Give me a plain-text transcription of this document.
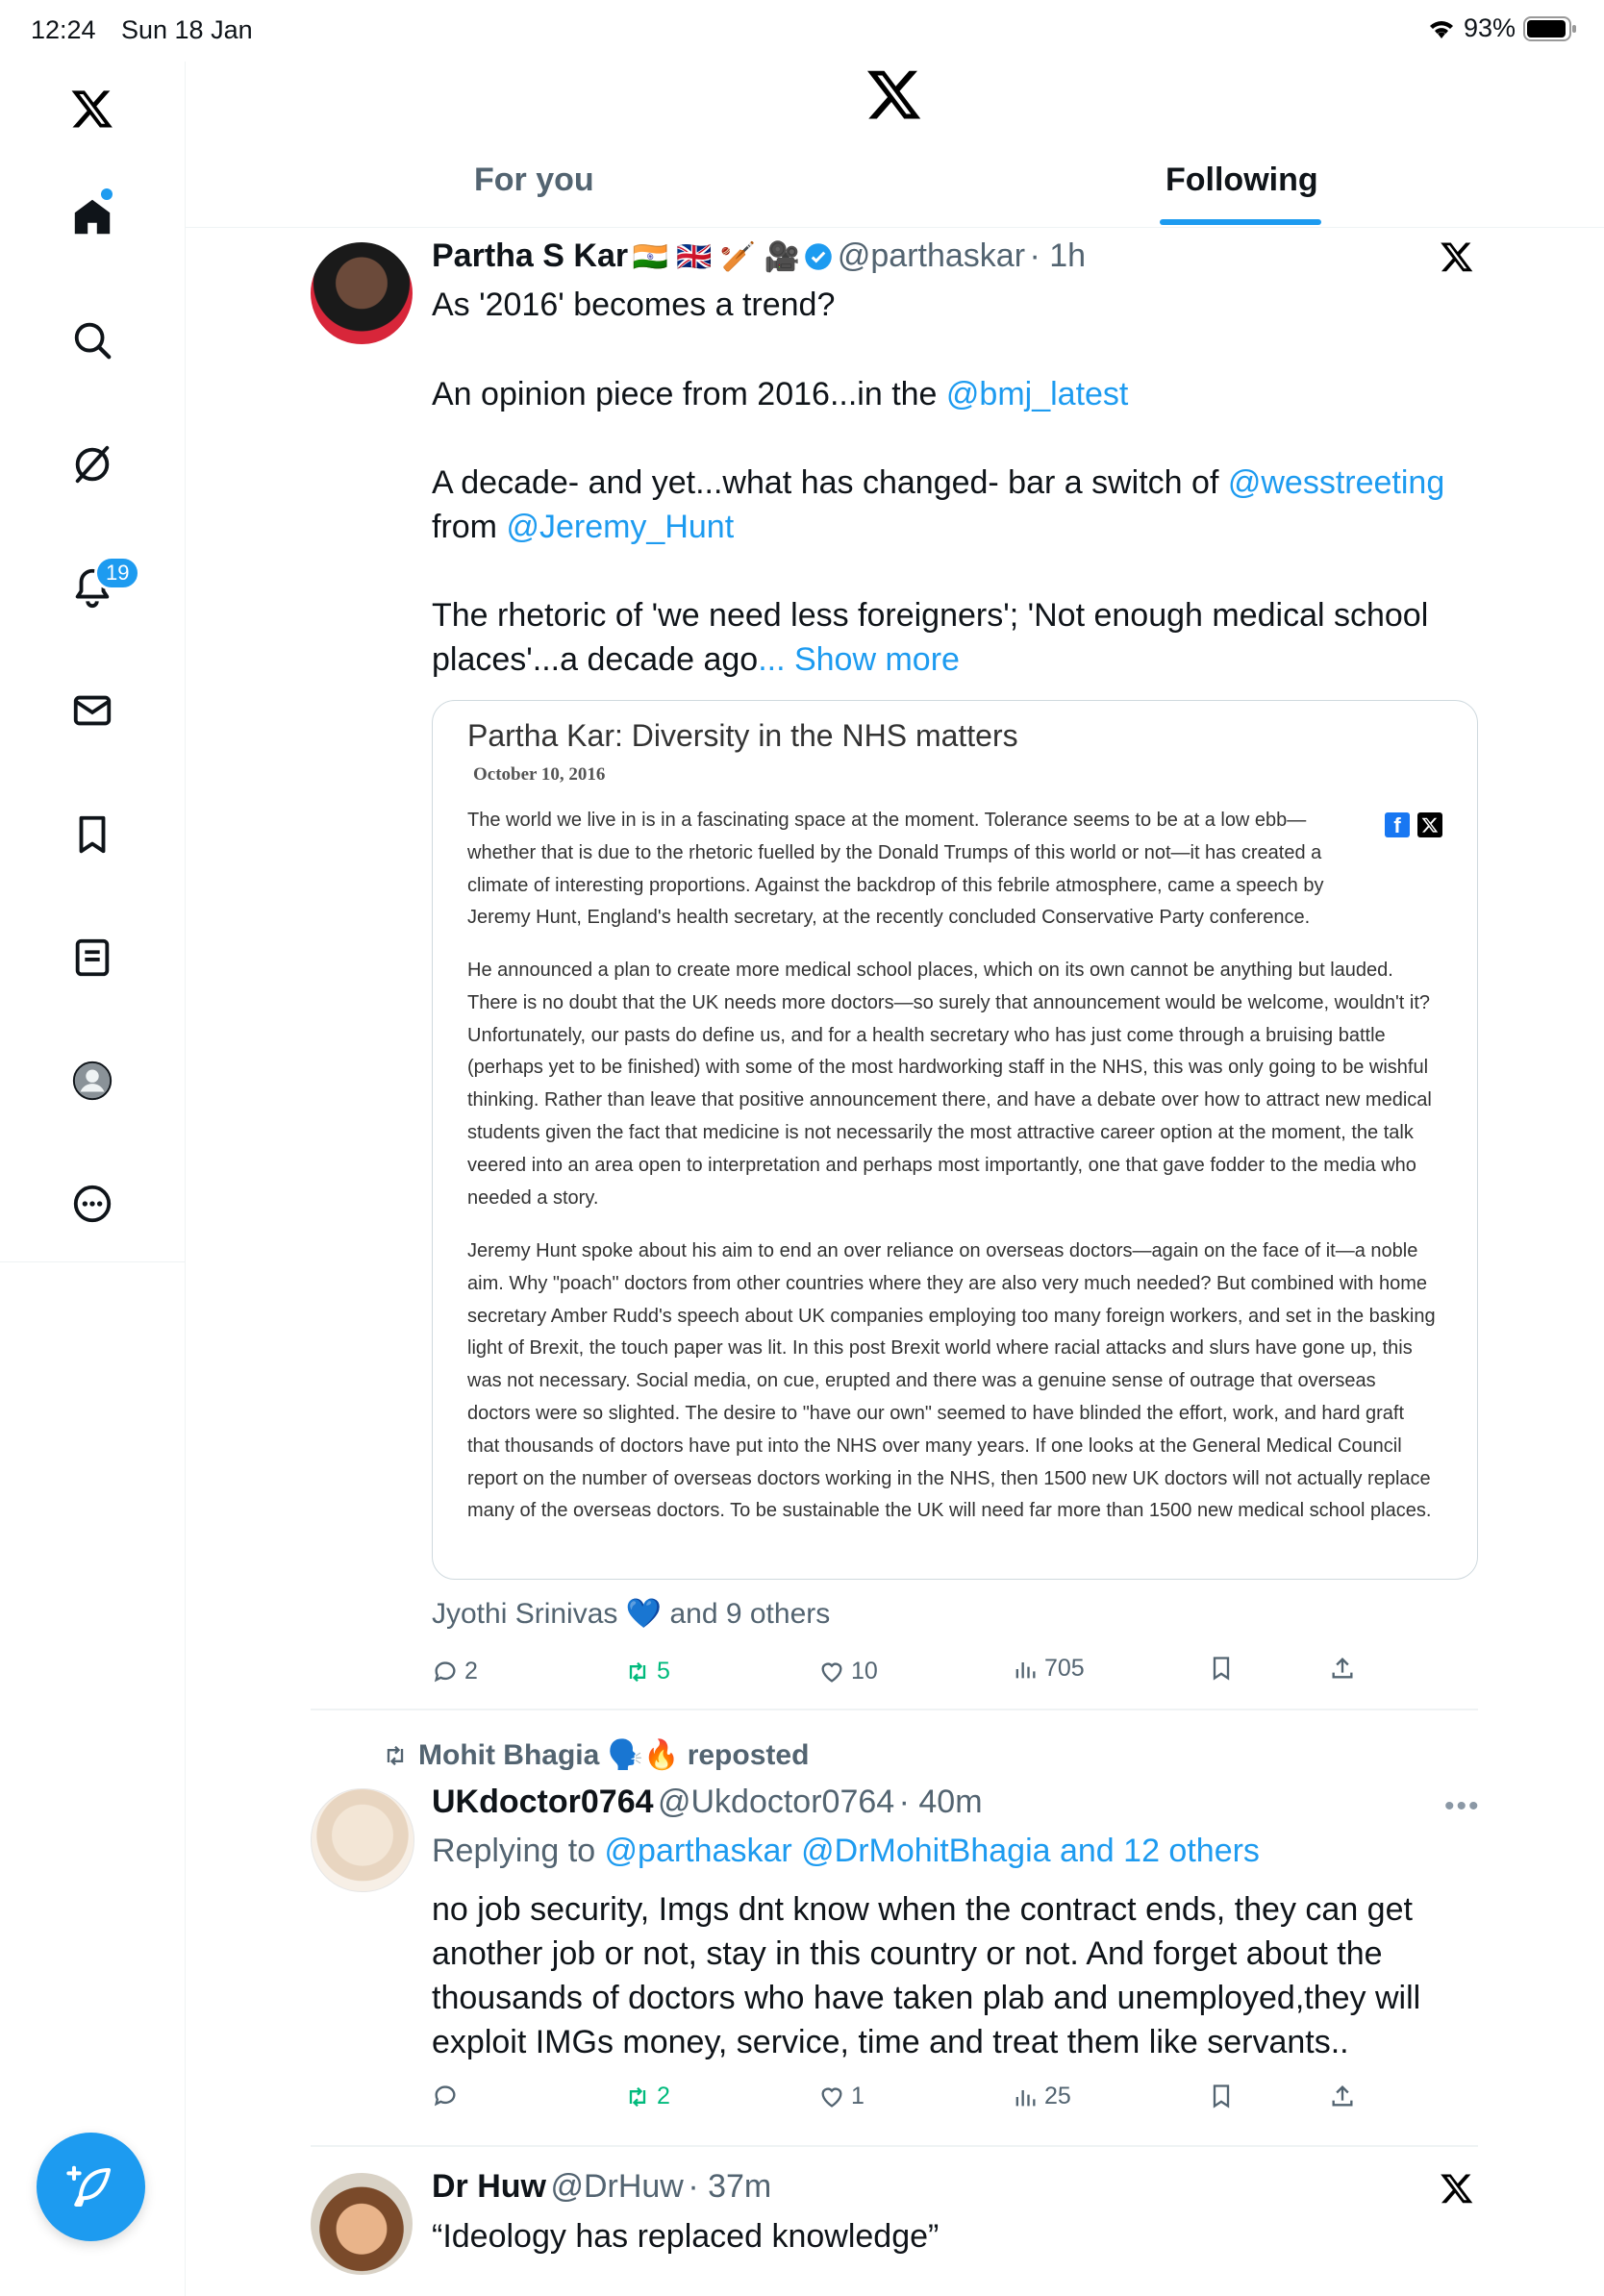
12:24 Sun 18 Jan	93%
19
For you	Following
Partha S Kar 🇮🇳 🇬🇧 🏏 🎥 @parthaskar · 1h
As '2016' becomes a trend?
An opinion piece from 2016...in the @bmj_latest
A decade- and yet...what has changed- bar a switch of @wesstreeting
from @Jeremy_Hunt
The rhetoric of 'we need less foreigners'; 'Not enough medical school
places'...a decade ago... Show more
Partha Kar: Diversity in the NHS matters
October 10, 2016
The world we live in is in a fascinating space at the moment. Tolerance seems to be at a low ebb—whether that is due to the rhetoric fuelled by the Donald Trumps of this world or not—it has created a climate of interesting proportions. Against the backdrop of this febrile atmosphere, came a speech by Jeremy Hunt, England's health secretary, at the recently concluded Conservative Party conference.
f
He announced a plan to create more medical school places, which on its own cannot be anything but lauded. There is no doubt that the UK needs more doctors—so surely that announcement would be welcome, wouldn't it? Unfortunately, our pasts do define us, and for a health secretary who has just come through a bruising battle (perhaps yet to be finished) with some of the most hardworking staff in the NHS, this was only going to be wishful thinking. Rather than leave that positive announcement there, and have a debate over how to attract new medical students given the fact that medicine is not necessarily the most attractive career option at the moment, the talk veered into an area open to interpretation and perhaps most importantly, one that gave fodder to the media who needed a story.
Jeremy Hunt spoke about his aim to end an over reliance on overseas doctors—again on the face of it—a noble aim. Why "poach" doctors from other countries where they are also very much needed? But combined with home secretary Amber Rudd's speech about UK companies employing too many foreign workers, and set in the basking light of Brexit, the touch paper was lit. In this post Brexit world where racial attacks and slurs have gone up, this was not necessary. Social media, on cue, erupted and there was a genuine sense of outrage that overseas doctors were so slighted. The desire to "have our own" seemed to have blinded the effort, work, and hard graft that thousands of doctors have put into the NHS over many years. If one looks at the General Medical Council report on the number of overseas doctors working in the NHS, then 1500 new UK doctors will not actually replace many of the overseas doctors. To be sustainable the UK will need far more than 1500 new medical school places.
Jyothi Srinivas 💙 and 9 others
2	5	10	705
Mohit Bhagia 🗣️🔥 reposted
UKdoctor0764 @Ukdoctor0764 · 40m	•••
Replying to @parthaskar @DrMohitBhagia and 12 others
no job security, Imgs dnt know when the contract ends, they can get
another job or not, stay in this country or not. And forget about the
thousands of doctors who have taken plab and unemployed,they will
exploit IMGs money, service, time and treat them like servants..
2	1	25
Dr Huw @DrHuw · 37m
“Ideology has replaced knowledge”
